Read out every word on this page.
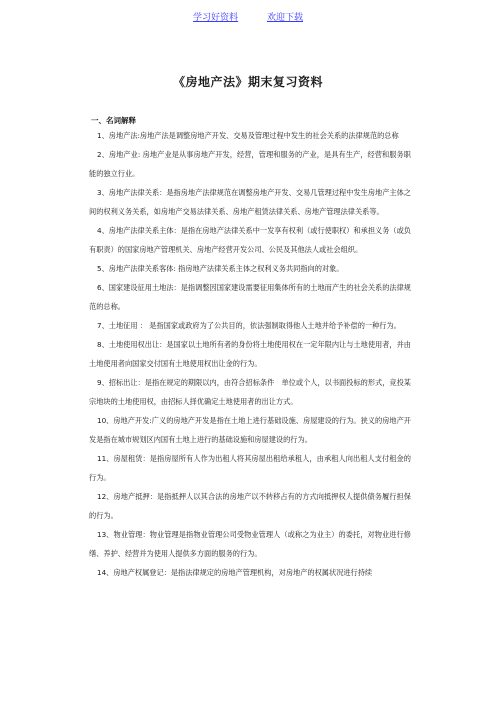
学习好资料	欢迎下载
《房地产法》期末复习资料
一、名词解释

1、房地产法:房地产法是调整房地产开发、交易及管理过程中发生的社会关系的法律规范的总称

2、房地产业: 房地产业是从事房地产开发，经营，管理和服务的产业，是具有生产，经营和服务职能的独立行业。

3、房地产法律关系：是指房地产法律规范在调整房地产开发、交易几管理过程中发生房地产主体之间的权利义务关系，如房地产交易法律关系、房地产租赁法律关系、房地产管理法律关系等。

4、房地产法律关系主体：是指在房地产法律关系中一发享有权利（或行使职权）和承担义务（或负有职责）的国家房地产管理机关、房地产经营开发公司、公民及其他法人或社会组织。

5、房地产法律关系客体: 指房地产法律关系主体之权利义务共同指向的对象。

6、国家建设征用土地法：是指调整因国家建设需要征用集体所有的土地而产生的社会关系的法律规范的总称。

7、土地征用 ： 是指国家或政府为了公共目的，依法强制取得他人土地并给予补偿的一种行为。

8、土地使用权出让：是国家以土地所有者的身份将土地使用权在一定年限内让与土地使用者，并由土地使用者向国家交付国有土地使用权出让金的行为。

9、招标出让：是指在规定的期限以内，由符合招标条件　单位或个人，以书面投标的形式，竞投某宗地块的土地使用权，由招标人择优确定土地使用者的出让方式。

10、房地产开发:广义的房地产开发是指在土地上进行基础设施、房屋建设的行为。狭义的房地产开发是指在城市规划区内国有土地上进行的基础设施和房屋建设的行为。

11、房屋租赁：是指房屋所有人作为出租人将其房屋出租给承租人，由承租人向出租人支付租金的行为。

12、房地产抵押：是指抵押人以其合法的房地产以不转移占有的方式向抵押权人提供债务履行担保的行为。

13、物业管理：物业管理是指物业管理公司受物业管理人（或称之为业主）的委托，对物业进行修缮、养护、经营并为使用人提供多方面的服务的行为。

14、房地产权属登记：是指法律规定的房地产管理机构，对房地产的权属状况进行持续
